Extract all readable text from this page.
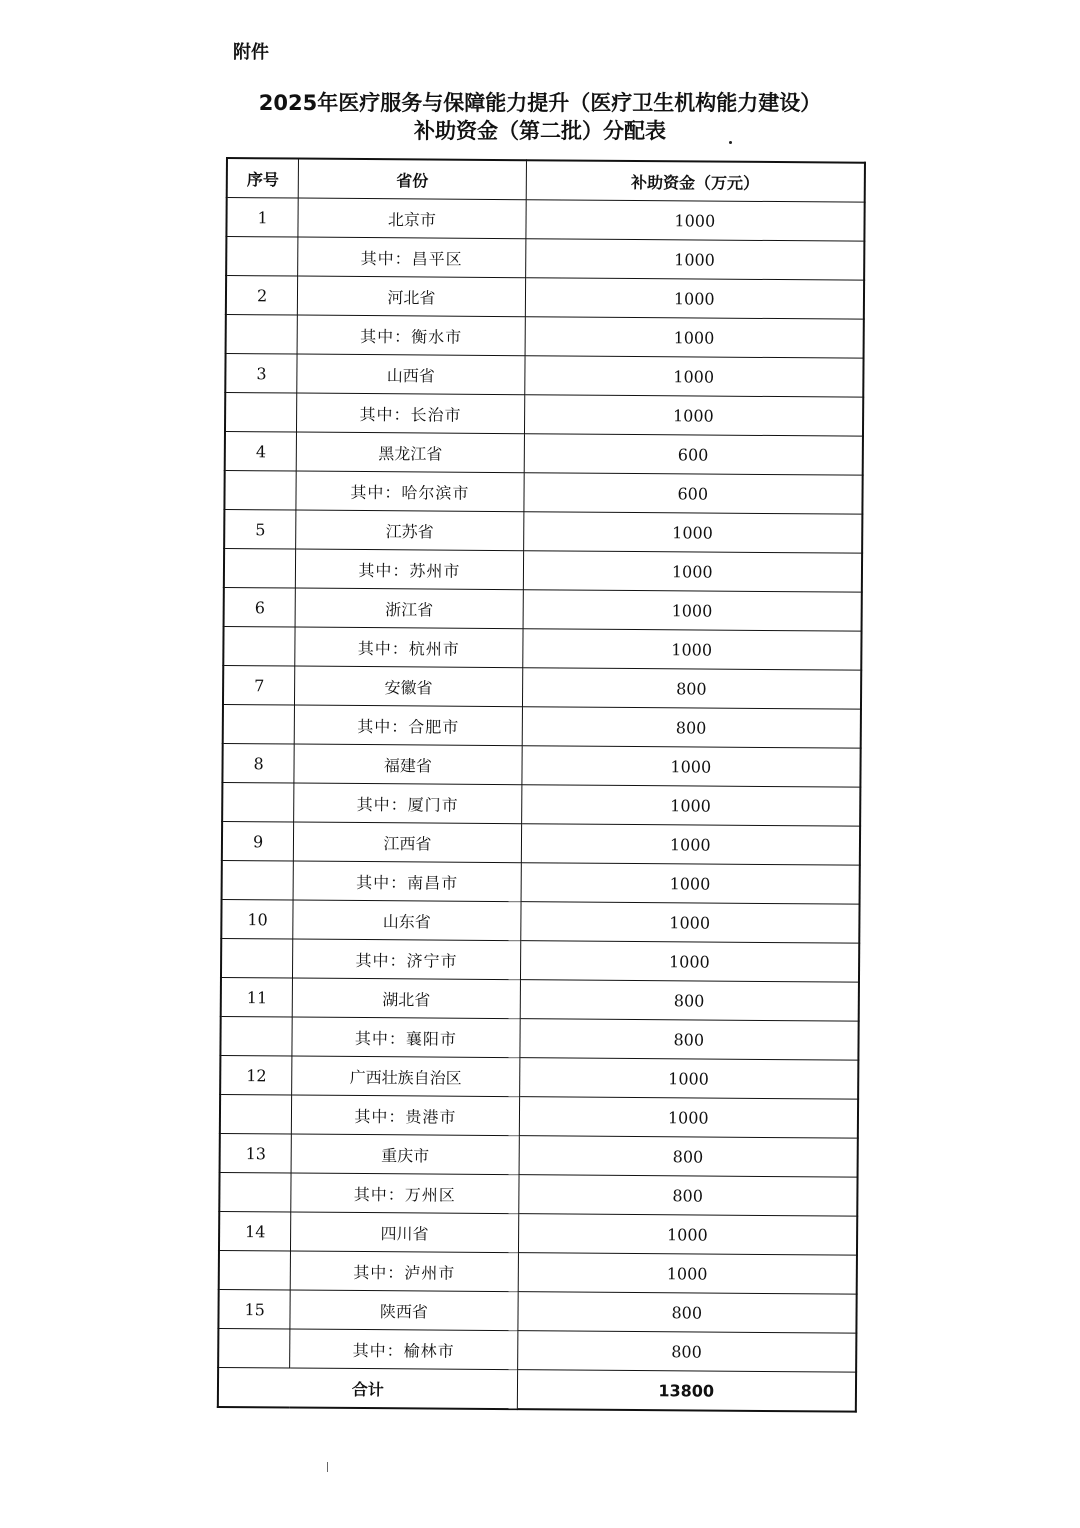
附件
2025年医疗服务与保障能力提升（医疗卫生机构能力建设）
补助资金（第二批）分配表
序号	省份	补助资金（万元）
1	北京市	1000
	其中：昌平区	1000
2	河北省	1000
	其中：衡水市	1000
3	山西省	1000
	其中：长治市	1000
4	黑龙江省	600
	其中：哈尔滨市	600
5	江苏省	1000
	其中：苏州市	1000
6	浙江省	1000
	其中：杭州市	1000
7	安徽省	800
	其中：合肥市	800
8	福建省	1000
	其中：厦门市	1000
9	江西省	1000
	其中：南昌市	1000
10	山东省	1000
	其中：济宁市	1000
11	湖北省	800
	其中：襄阳市	800
12	广西壮族自治区	1000
	其中：贵港市	1000
13	重庆市	800
	其中：万州区	800
14	四川省	1000
	其中：泸州市	1000
15	陕西省	800
	其中：榆林市	800
合计		13800
